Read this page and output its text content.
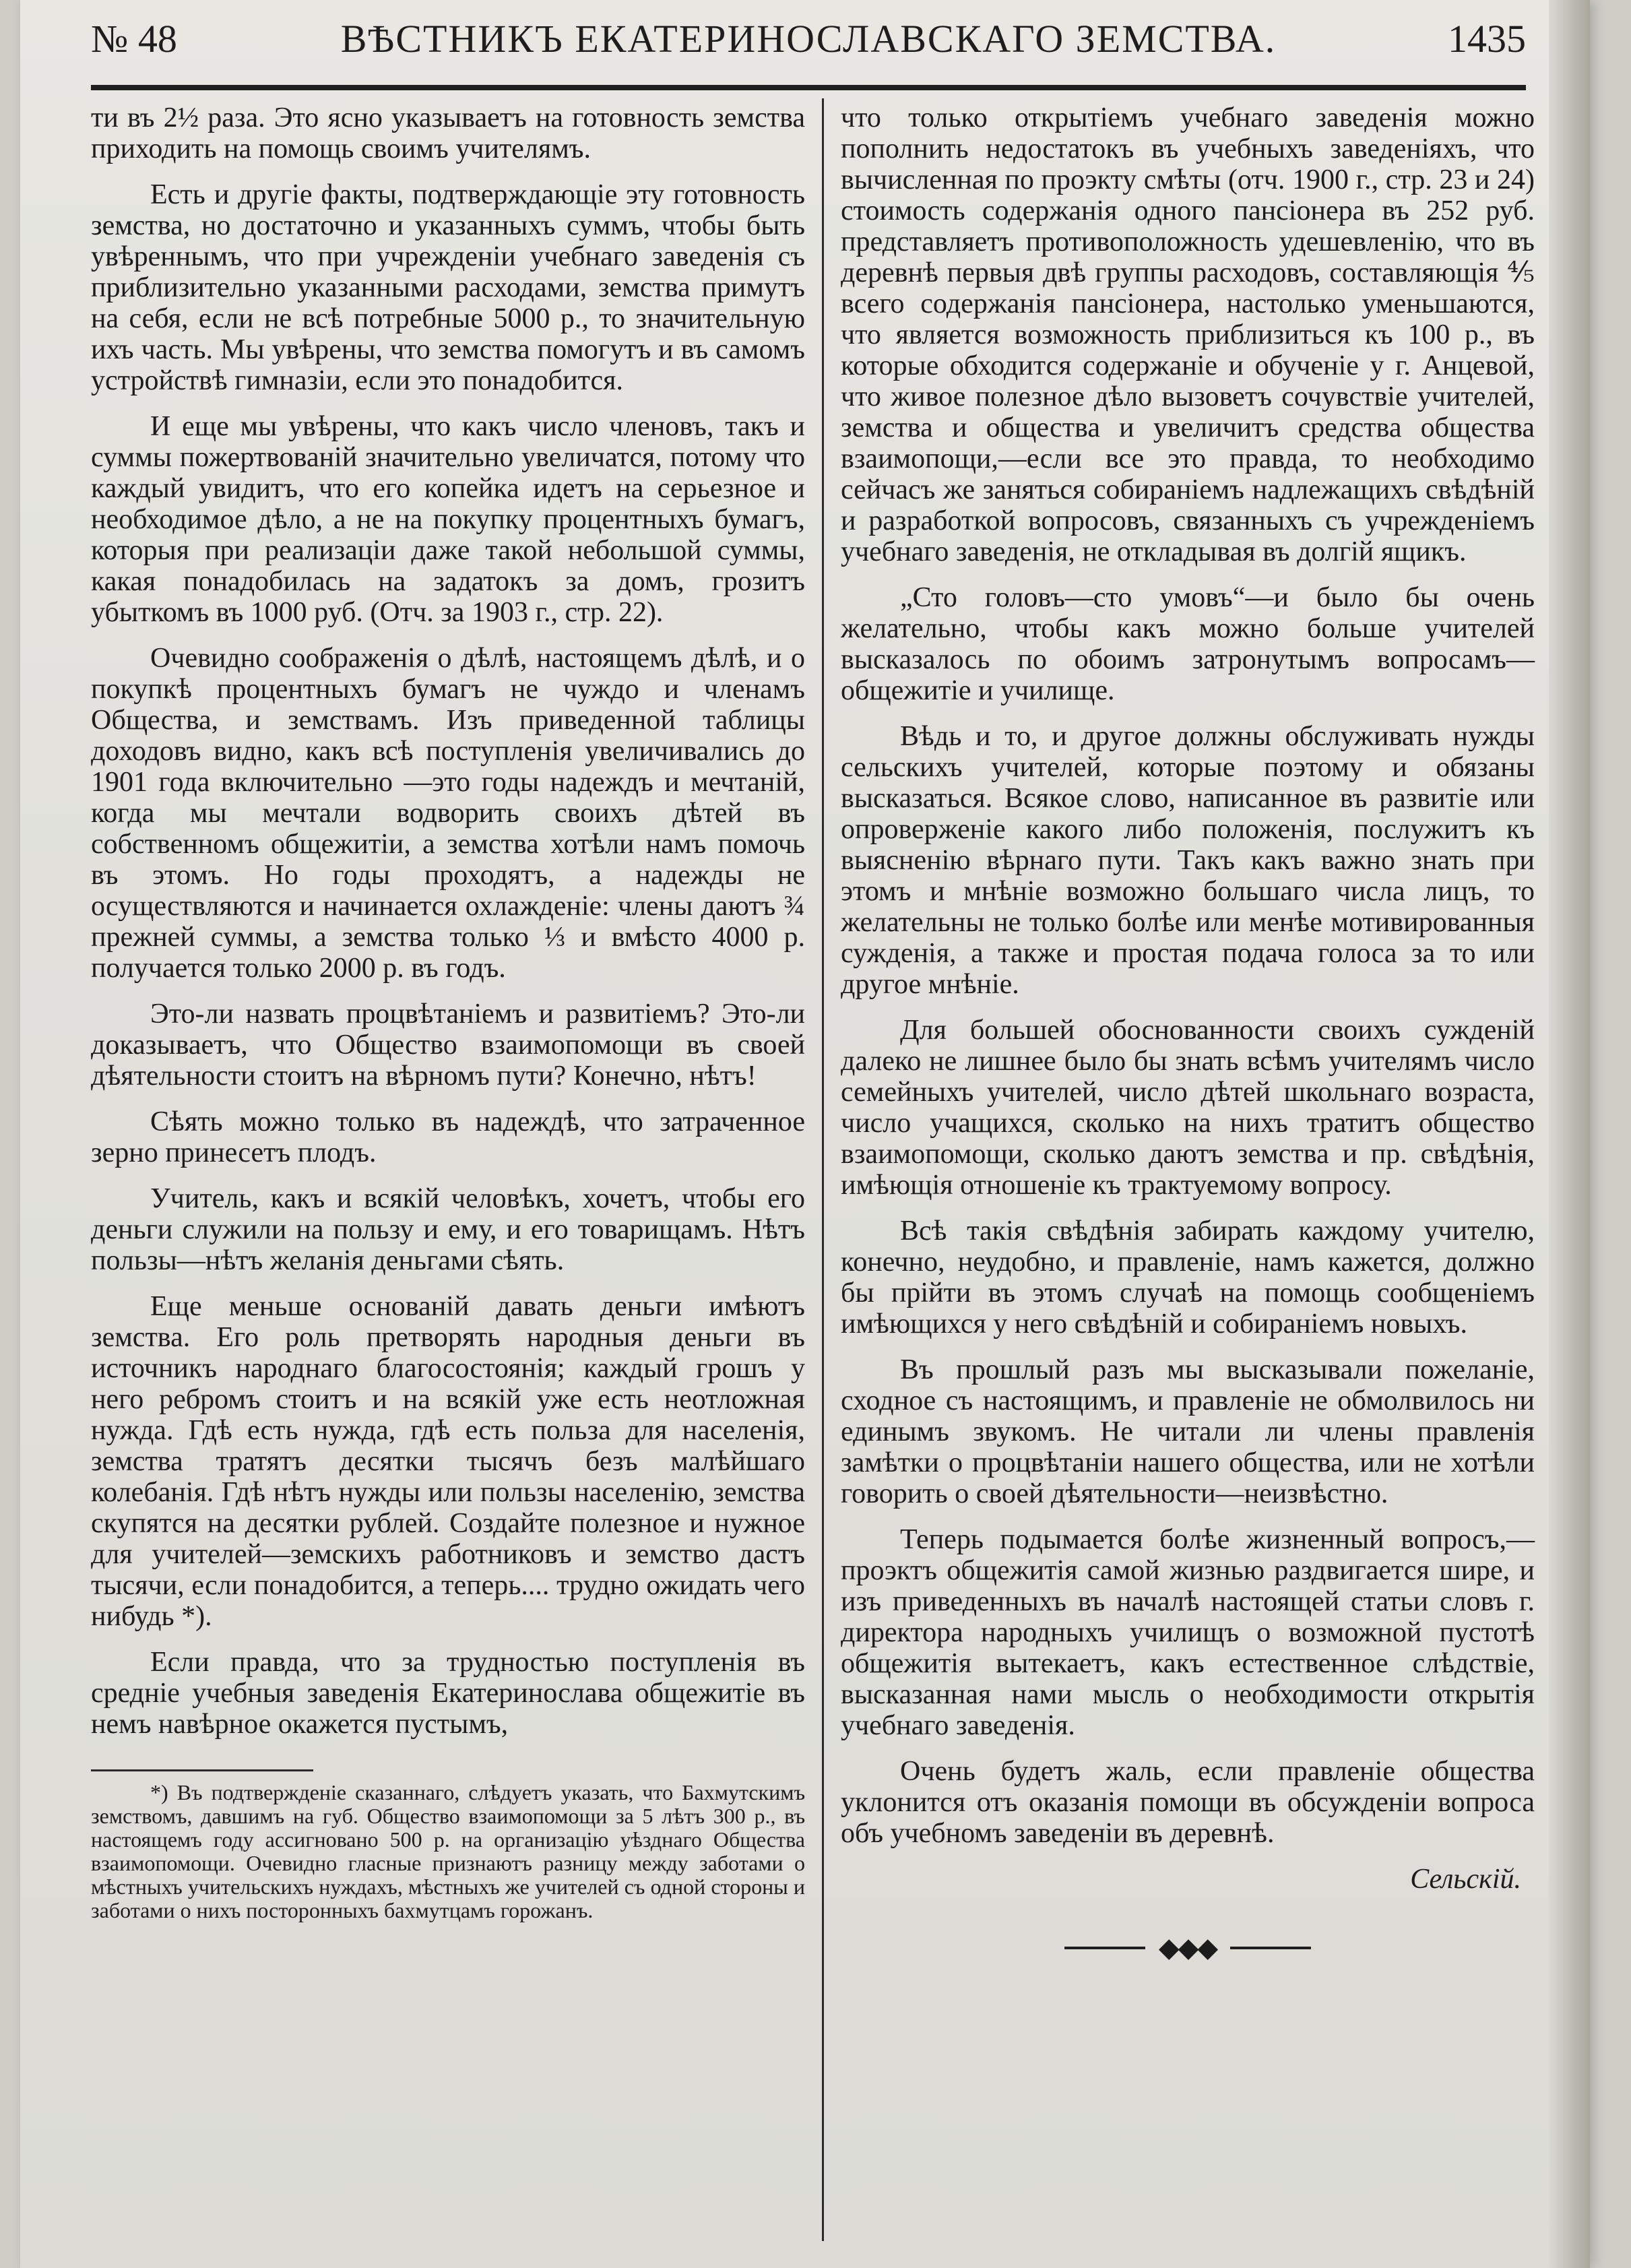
№ 48	ВѢСТНИКЪ ЕКАТЕРИНОСЛАВСКАГО ЗЕМСТВА.	1435

ти въ 2½ раза. Это ясно указываетъ на готовность земства приходить на помощь своимъ учителямъ.

Есть и другіе факты, подтверждающіе эту готовность земства, но достаточно и указанныхъ суммъ, чтобы быть увѣреннымъ, что при учрежденіи учебнаго заведенія съ приблизительно указанными расходами, земства примутъ на себя, если не всѣ потребные 5000 р., то значительную ихъ часть. Мы увѣрены, что земства помогутъ и въ самомъ устройствѣ гимназіи, если это понадобится.

И еще мы увѣрены, что какъ число членовъ, такъ и суммы пожертвованій значительно увеличатся, потому что каждый увидитъ, что его копейка идетъ на серьезное и необходимое дѣло, а не на покупку процентныхъ бумагъ, которыя при реализаціи даже такой небольшой суммы, какая понадобилась на задатокъ за домъ, грозитъ убыткомъ въ 1000 руб. (Отч. за 1903 г., стр. 22).

Очевидно соображенія о дѣлѣ, настоящемъ дѣлѣ, и о покупкѣ процентныхъ бумагъ не чуждо и членамъ Общества, и земствамъ. Изъ приведенной таблицы доходовъ видно, какъ всѣ поступленія увеличивались до 1901 года включительно —это годы надеждъ и мечтаній, когда мы мечтали водворить своихъ дѣтей въ собственномъ общежитіи, а земства хотѣли намъ помочь въ этомъ. Но годы проходятъ, а надежды не осуществляются и начинается охлажденіе: члены даютъ ¾ прежней суммы, а земства только ⅓ и вмѣсто 4000 р. получается только 2000 р. въ годъ.

Это-ли назвать процвѣтаніемъ и развитіемъ? Это-ли доказываетъ, что Общество взаимопомощи въ своей дѣятельности стоитъ на вѣрномъ пути? Конечно, нѣтъ!

Сѣять можно только въ надеждѣ, что затраченное зерно принесетъ плодъ.

Учитель, какъ и всякій человѣкъ, хочетъ, чтобы его деньги служили на пользу и ему, и его товарищамъ. Нѣтъ пользы—нѣтъ желанія деньгами сѣять.

Еще меньше основаній давать деньги имѣютъ земства. Его роль претворять народныя деньги въ источникъ народнаго благосостоянія; каждый грошъ у него ребромъ стоитъ и на всякій уже есть неотложная нужда. Гдѣ есть нужда, гдѣ есть польза для населенія, земства тратятъ десятки тысячъ безъ малѣйшаго колебанія. Гдѣ нѣтъ нужды или пользы населенію, земства скупятся на десятки рублей. Создайте полезное и нужное для учителей—земскихъ работниковъ и земство дастъ тысячи, если понадобится, а теперь.... трудно ожидать чего нибудь *).

Если правда, что за трудностью поступленія въ средніе учебныя заведенія Екатеринослава общежитіе въ немъ навѣрное окажется пустымъ,

*) Въ подтвержденіе сказаннаго, слѣдуетъ указать, что Бахмутскимъ земствомъ, давшимъ на губ. Общество взаимопомощи за 5 лѣтъ 300 р., въ настоящемъ году ассигновано 500 р. на организацію уѣзднаго Общества взаимопомощи. Очевидно гласные признаютъ разницу между заботами о мѣстныхъ учительскихъ нуждахъ, мѣстныхъ же учителей съ одной стороны и заботами о нихъ посторонныхъ бахмутцамъ горожанъ.

что только открытіемъ учебнаго заведенія можно пополнить недостатокъ въ учебныхъ заведеніяхъ, что вычисленная по проэкту смѣты (отч. 1900 г., стр. 23 и 24) стоимость содержанія одного пансіонера въ 252 руб. представляетъ противоположность удешевленію, что въ деревнѣ первыя двѣ группы расходовъ, составляющія ⅘ всего содержанія пансіонера, настолько уменьшаются, что является возможность приблизиться къ 100 р., въ которые обходится содержаніе и обученіе у г. Анцевой, что живое полезное дѣло вызоветъ сочувствіе учителей, земства и общества и увеличитъ средства общества взаимопощи,—если все это правда, то необходимо сейчасъ же заняться собираніемъ надлежащихъ свѣдѣній и разработкой вопросовъ, связанныхъ съ учрежденіемъ учебнаго заведенія, не откладывая въ долгій ящикъ.

„Сто головъ—сто умовъ“—и было бы очень желательно, чтобы какъ можно больше учителей высказалось по обоимъ затронутымъ вопросамъ— общежитіе и училище.

Вѣдь и то, и другое должны обслуживать нужды сельскихъ учителей, которые поэтому и обязаны высказаться. Всякое слово, написанное въ развитіе или опроверженіе какого либо положенія, послужитъ къ выясненію вѣрнаго пути. Такъ какъ важно знать при этомъ и мнѣніе возможно большаго числа лицъ, то желательны не только болѣе или менѣе мотивированныя сужденія, а также и простая подача голоса за то или другое мнѣніе.

Для большей обоснованности своихъ сужденій далеко не лишнее было бы знать всѣмъ учителямъ число семейныхъ учителей, число дѣтей школьнаго возраста, число учащихся, сколько на нихъ тратитъ общество взаимопомощи, сколько даютъ земства и пр. свѣдѣнія, имѣющія отношеніе къ трактуемому вопросу.

Всѣ такія свѣдѣнія забирать каждому учителю, конечно, неудобно, и правленіе, намъ кажется, должно бы прійти въ этомъ случаѣ на помощь сообщеніемъ имѣющихся у него свѣдѣній и собираніемъ новыхъ.

Въ прошлый разъ мы высказывали пожеланіе, сходное съ настоящимъ, и правленіе не обмолвилось ни единымъ звукомъ. Не читали ли члены правленія замѣтки о процвѣтаніи нашего общества, или не хотѣли говорить о своей дѣятельности—неизвѣстно.

Теперь подымается болѣе жизненный вопросъ,— проэктъ общежитія самой жизнью раздвигается шире, и изъ приведенныхъ въ началѣ настоящей статьи словъ г. директора народныхъ училищъ о возможной пустотѣ общежитія вытекаетъ, какъ естественное слѣдствіе, высказанная нами мысль о необходимости открытія учебнаго заведенія.

Очень будетъ жаль, если правленіе общества уклонится отъ оказанія помощи въ обсужденіи вопроса объ учебномъ заведеніи въ деревнѣ.

Сельскій.
◆◆◆
